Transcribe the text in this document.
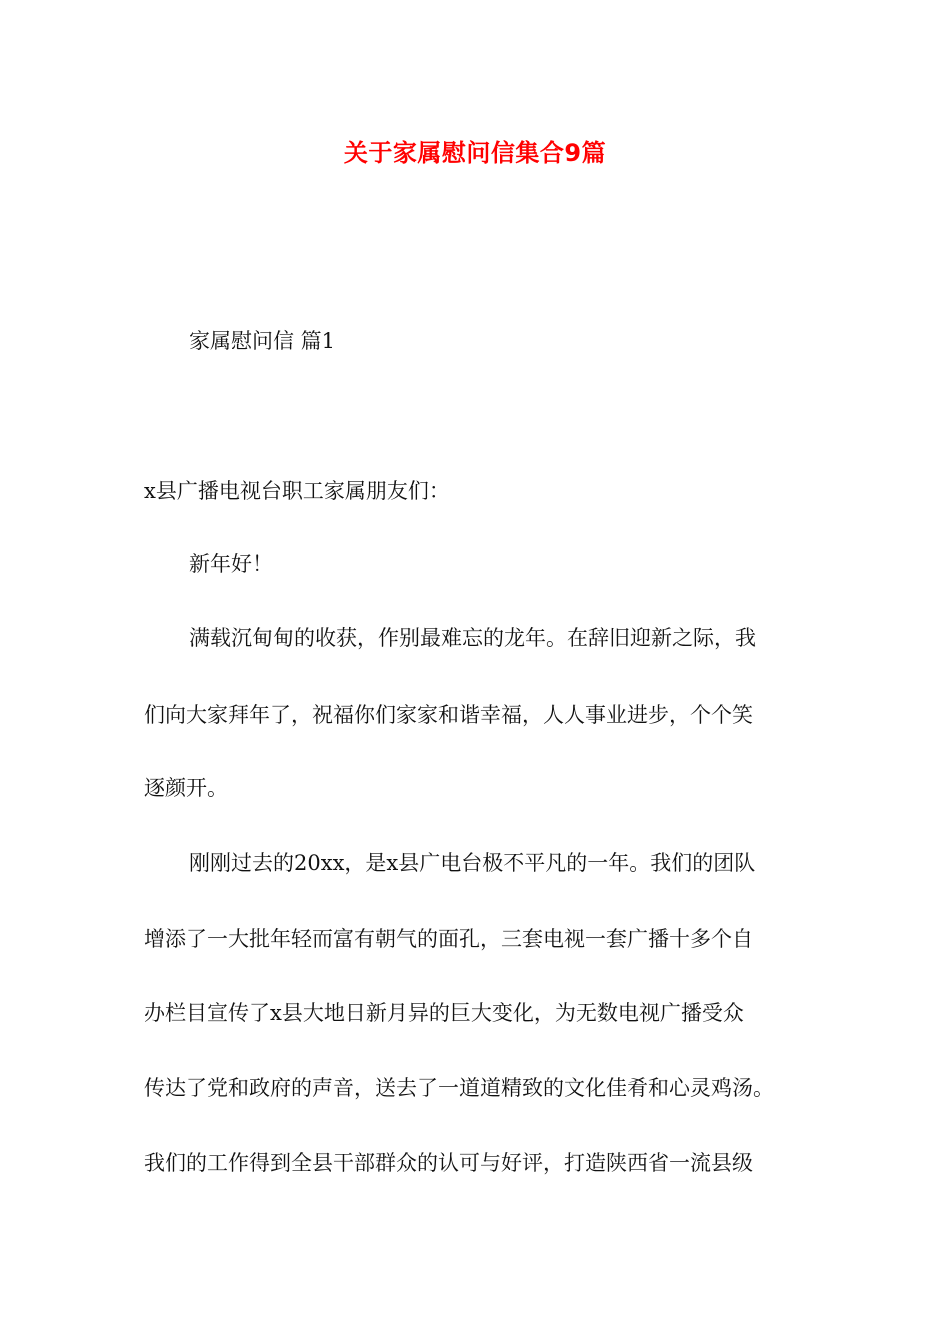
关于家属慰问信集合9篇
家属慰问信 篇1
x县广播电视台职工家属朋友们：
新年好！
满载沉甸甸的收获，作别最难忘的龙年。在辞旧迎新之际，我
们向大家拜年了，祝福你们家家和谐幸福，人人事业进步，个个笑
逐颜开。
刚刚过去的20xx，是x县广电台极不平凡的一年。我们的团队
增添了一大批年轻而富有朝气的面孔，三套电视一套广播十多个自
办栏目宣传了x县大地日新月异的巨大变化，为无数电视广播受众
传达了党和政府的声音，送去了一道道精致的文化佳肴和心灵鸡汤。
我们的工作得到全县干部群众的认可与好评，打造陕西省一流县级
